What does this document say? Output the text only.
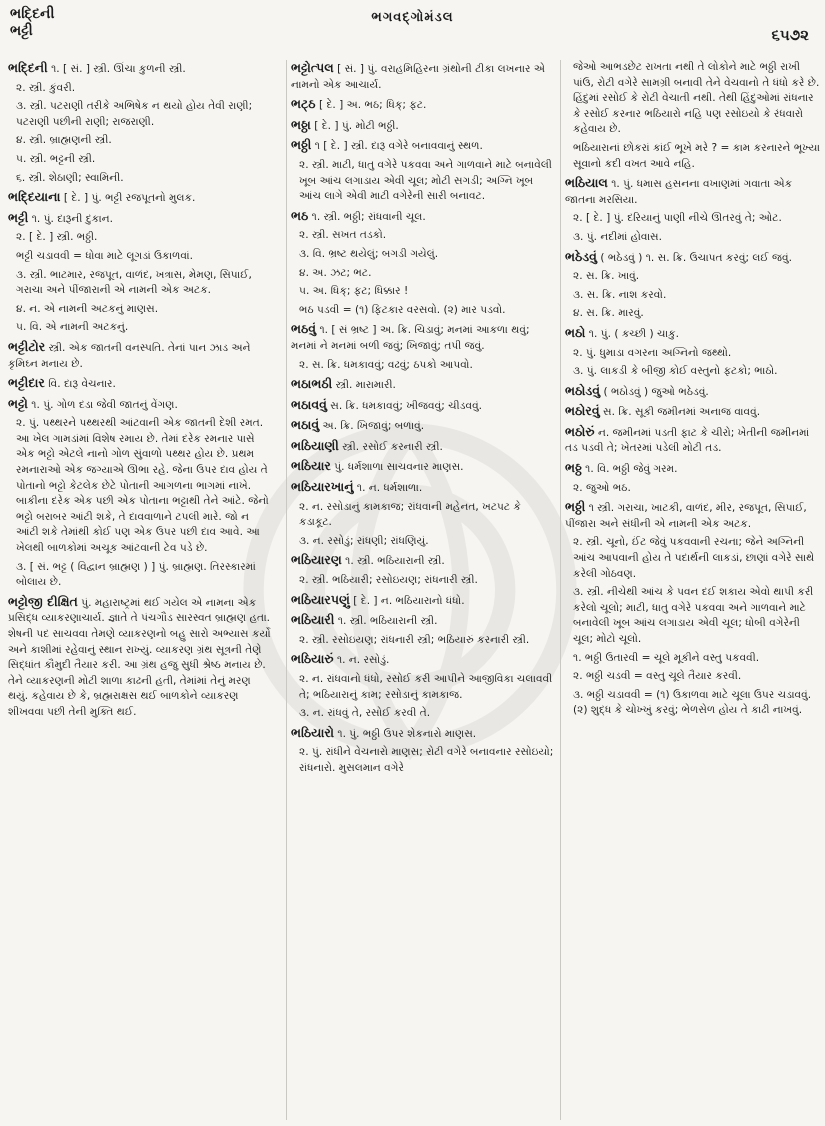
ભદ્દિની
ભટ્ટી
ભગવદ્ગોમંડલ
૬૫૭૨
ભદ્દિની ૧. [ સં. ] સ્ત્રી. ઊંચા કુળની સ્ત્રી.
૨. સ્ત્રી. કુંવરી.
૩. સ્ત્રી. પટરાણી તરીકે અભિષેક ન થયો હોય તેવી રાણી; પટરાણી પછીની રાણી; રાજરાણી.
૪. સ્ત્રી. બ્રાહ્મણની સ્ત્રી.
૫. સ્ત્રી. ભટ્ટની સ્ત્રી.
૬. સ્ત્રી. શેઠાણી; સ્વામિની.
ભદ્દિયાના [ દે. ] પું. ભટ્ટી રજપૂતનો મુલક.
ભટ્ટી ૧. પું. દારૂની દુકાન.
૨. [ દે. ] સ્ત્રી. ભઠ્ઠી.
ભટ્ટી ચડાવવી = ધોવા માટે લૂગડાં ઉકાળવાં.
૩. સ્ત્રી. ભાટમાર, રજપૂત, વાળંદ, ખત્રાસ, મેમણ, સિપાઈ, ગરાચા અને પીંજારાની એ નામની એક અટક.
૪. ન. એ નામની અટકનું માણસ.
૫. વિ. એ નામની અટકનું.
ભટ્ટીટોર સ્ત્રી. એક જાતની વનસ્પતિ. તેનાં પાન ઝાડ અને કૃમિઘ્ન મનાય છે.
ભટ્ટીદાર વિ. દારૂ વેચનાર.
ભટ્ટો ૧. પું. ગોળ દડા જેવી જાતનું વેંગણ.
૨. પું. પથ્થરને પથ્થરથી આંટવાની એક જાતની દેશી રમત. આ ખેલ ગામડાંમાં વિશેષ રમાય છે. તેમાં દરેક રમનાર પાસે એક ભટ્ટો એટલે નાનો ગોળ સુંવાળો પથ્થર હોય છે. પ્રથમ રમનારાઓ એક જગ્યાએ ઊભા રહે. જેના ઉપર દાવ હોય તે પોતાનો ભટ્ટો કેટલેક છેટે પોતાની આગળના ભાગમાં નાખે. બાકીના દરેક એક પછી એક પોતાના ભટ્ટાથી તેને આંટે. જેનો ભટ્ટો બરાબર આંટી શકે, તે દાવવાળાને ટપલી મારે. જો ન આંટી શકે તેમાંથી કોઈ પણ એક ઉપર પછી દાવ આવે. આ ખેલથી બાળકોમાં અચૂક આંટવાની ટેવ પડે છે.
૩. [ સં. ભટ્ટ ( વિદ્વાન બ્રાહ્મણ ) ] પું. બ્રાહ્મણ. તિરસ્કારમાં બોલાય છે.
ભટ્ટોજી દીક્ષિત પું. મહારાષ્ટ્રમાં થઈ ગયેલ એ નામના એક પ્રસિદ્ધ વ્યાકરણાચાર્ય. જ્ઞાતે તે પંચગૌડ સારસ્વત બ્રાહ્મણ હતા. શેષની પદ સાચવવા તેમણે વ્યાકરણનો બહુ સારો અભ્યાસ કર્યો અને કાશીમાં રહેવાનું સ્થાન રાખ્યું. વ્યાકરણ ગ્રંથ સૂત્રની તેણે સિદ્ધાંત કૌમુદી તૈયાર કરી. આ ગ્રંથ હજુ સુધી શ્રેષ્ઠ મનાય છે. તેને વ્યાકરણની મોટી શાળા કાઢની હતી, તેમાંમાં તેનું મરણ થયું. કહેવાય છે કે, બ્રહ્મરાક્ષસ થઈ બાળકોને વ્યાકરણ શીખવવા પછી તેની મુક્તિ થઈ.
ભટ્ટોત્પલ [ સં. ] પું. વરાહમિહિરના ગ્રંથોની ટીકા લખનાર એ નામનો એક આચાર્ય.
ભટ્ઠ [ દે. ] અ. ભઠ; ધિક્; ફટ.
ભઠ્ઠા [ દે. ] પું. મોટી ભઠ્ઠી.
ભઠ્ઠી ૧ [ દે. ] સ્ત્રી. દારૂ વગેરે બનાવવાનું સ્થળ.
૨. સ્ત્રી. માટી, ધાતુ વગેરે પકવવા અને ગાળવાને માટે બનાવેલી ખૂબ આંચ લગાડાય એવી ચૂલ; મોટી સગડી; અગ્નિ ખૂબ આંચ લાગે એવી માટી વગેરેની સારી બનાવટ.
ભઠ ૧. સ્ત્રી. ભઠ્ઠી; રાંધવાની ચૂલ.
૨. સ્ત્રી. સખત તડકો.
૩. વિ. ભ્રષ્ટ થયેલું; બગડી ગયેલું.
૪. અ. ઝટ; ભટ.
૫. અ. ધિક્; ફટ; ધિક્કાર !
ભઠ પડવી = (૧) ફિટકાર વરસવો. (૨) માર પડવો.
ભઠવું ૧. [ સં ભ્રષ્ટ ] અ. ક્રિ. ચિડાવું; મનમાં આકળા થવું; મનમાં ને મનમાં બળી જવું; ખિજાવું; તપી જવું.
૨. સ. ક્રિ. ધમકાવવું; વઢવું; ઠપકો આપવો.
ભઠાભઠી સ્ત્રી. મારામારી.
ભઠાવવું સ. ક્રિ. ધમકાવવું; ખીજવવું; ચીડવવું.
ભઠાવું અ. ક્રિ. ખિજાવું; બળાવું.
ભઠિયાણી સ્ત્રી. રસોઈ કરનારી સ્ત્રી.
ભઠિયાર પું. ધર્મશાળા સાચવનાર માણસ.
ભઠિયારખાનું ૧. ન. ધર્મશાળા.
૨. ન. રસોડાનું કામકાજ; રાંધવાની મહેનત, ખટપટ કે કડાકૂટ.
૩. ન. રસોડું; રાંધણી; રાંધણિયું.
ભઠિયારણ ૧. સ્ત્રી. ભઠિયારાની સ્ત્રી.
૨. સ્ત્રી. ભઠિયારી; રસોઇયણ; રાંધનારી સ્ત્રી.
ભઠિયારપણું [ દે. ] ન. ભઠિયારાનો ધંધો.
ભઠિયારી ૧. સ્ત્રી. ભઠિયારાની સ્ત્રી.
૨. સ્ત્રી. રસોઇયણ; રાંધનારી સ્ત્રી; ભઠિયારું કરનારી સ્ત્રી.
ભઠિયારું ૧. ન. રસોડું.
૨. ન. રાંધવાનો ધંધો, રસોઈ કરી આપીને આજીવિકા ચલાવવી તે; ભઠિયારાનું કામ; રસોડાનું કામકાજ.
૩. ન. રાંધવું તે, રસોઈ કરવી તે.
ભઠિયારો ૧. પું. ભઠ્ઠી ઉપર શેકનારો માણસ.
૨. પું. રાંધીને વેચનારો માણસ; રોટી વગેરે બનાવનાર રસોઇયો; રાંધનારો. મુસલમાન વગેરે
જેઓ આભડછેટ રાખતા નથી તે લોકોને માટે ભઠ્ઠી રાખી પાંઉ, રોટી વગેરે સામગ્રી બનાવી તેને વેચવાનો તે ધંધો કરે છે. હિંદુમાં રસોઈ કે રોટી વેચાતી નથી. તેથી હિંદુઓમાં રાંધનાર કે રસોઈ કરનાર ભઠિયારો નહિ પણ રસોઇયો કે રંધવારો કહેવાય છે.
ભઠિયારાનાં છોકરાં કાંઈ ભૂખે મરે ? = કામ કરનારને ભૂખ્યા સૂવાનો કદી વખત આવે નહિ.
ભઠિયાલ ૧. પું. ધમાસ હસનના વખાણમાં ગવાતા એક જાતના મરસિયા.
૨. [ દે. ] પું. દરિયાનું પાણી નીચે ઊતરવું તે; ઓટ.
૩. પું. નદીમાં હોવાસ.
ભઠેડવું ( ભઠેડવું ) ૧. સ. ક્રિ. ઉચાપત કરવું; લઈ જવું.
૨. સ. ક્રિ. ખાવું.
૩. સ. ક્રિ. નાશ કરવો.
૪. સ. ક્રિ. મારવું.
ભઠો ૧. પું. ( કચ્છી ) ચાકુ.
૨. પું. ધુમાડા વગરના અગ્નિનો જથ્થો.
૩. પું. લાકડી કે બીજી કોઈ વસ્તુનો ફટકો; ભાઠો.
ભઠોડવું ( ભઠોડવું ) જુઓ ભઠેડવું.
ભઠોરવું સ. ક્રિ. સૂકી જમીનમાં અનાજ વાવવું.
ભઠોરું ન. જમીનમાં પડતી ફાટ કે ચીરો; ખેતીની જમીનમાં તડ પડવી તે; ખેતરમાં પડેલી મોટી તડ.
ભઠ્ઠ ૧. વિ. ભઠ્ઠી જેવું ગરમ.
૨. જુઓ ભઠ.
ભઠ્ઠી ૧ સ્ત્રી. ગરાચા, ખાટકી, વાળંદ, મીર, રજપૂત, સિપાઈ, પીંજારા અને સંધીની એ નામની એક અટક.
૨. સ્ત્રી. ચૂનો, ઈંટ જેવું પકવવાની રચના; જેને અગ્નિની આંચ આપવાની હોય તે પદાર્થની લાકડાં, છાણાં વગેરે સાથે કરેલી ગોઠવણ.
૩. સ્ત્રી. નીચેથી આંચ કે પવન દઈ શકાય એવો થાપી કરી કરેલો ચૂલો; માટી, ધાતુ વગેરે પકવવા અને ગાળવાને માટે બનાવેલી ખૂબ આંચ લગાડાય એવી ચૂલ; ધોબી વગેરેની ચૂલ; મોટો ચૂલો.
૧. ભઠ્ઠી ઉતારવી = ચૂલે મૂકીને વસ્તુ પકવવી.
૨. ભઠ્ઠી ચડવી = વસ્તુ ચૂલે તૈયાર કરવી.
૩. ભઠ્ઠી ચડાવવી = (૧) ઉકાળવા માટે ચૂલા ઉપર ચડાવવું. (૨) શુદ્ધ કે ચોખ્ખું કરવું; ભેળસેળ હોય તે કાઢી નાખવું.
